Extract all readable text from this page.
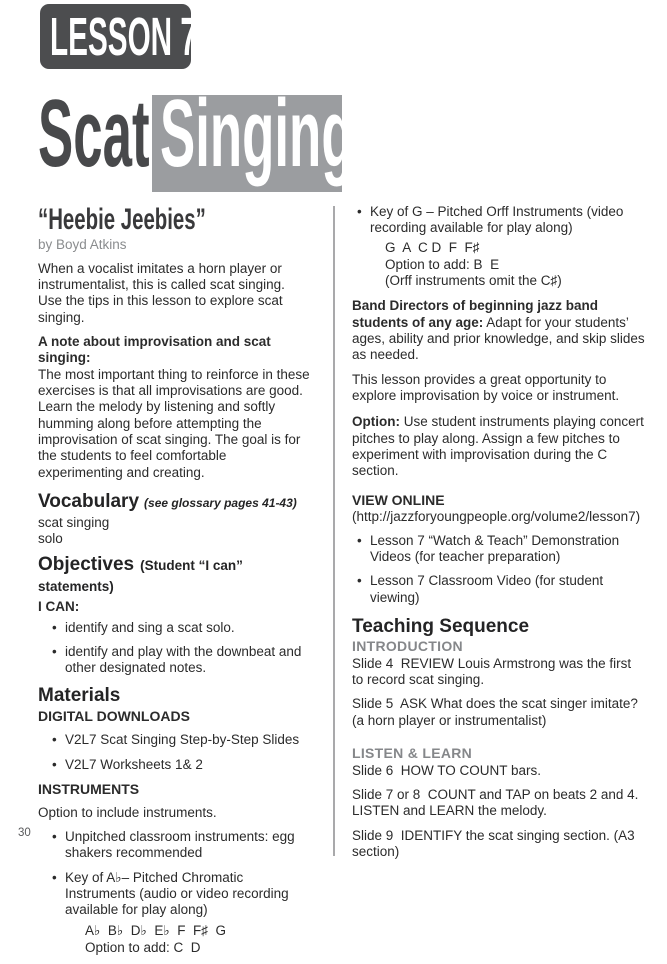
LESSON 7
Scat Singing
“Heebie Jeebies”
by Boyd Atkins

When a vocalist imitates a horn player or instrumentalist, this is called scat singing. Use the tips in this lesson to explore scat singing.

A note about improvisation and scat singing:
The most important thing to reinforce in these exercises is that all improvisations are good. Learn the melody by listening and softly humming along before attempting the improvisation of scat singing. The goal is for the students to feel comfortable experimenting and creating.

Vocabulary (see glossary pages 41-43)
scat singing
solo
Objectives (Student “I can” statements)
I CAN:
• identify and sing a scat solo.
• identify and play with the downbeat and other designated notes.
Materials
DIGITAL DOWNLOADS
• V2L7 Scat Singing Step-by-Step Slides
• V2L7 Worksheets 1& 2
INSTRUMENTS

Option to include instruments.

• Unpitched classroom instruments: egg shakers recommended
• Key of A♭– Pitched Chromatic Instruments (audio or video recording available for play along)
A♭  B♭  D♭  E♭  F  F♯  G
Option to add: C  D
• Key of G – Pitched Orff Instruments (video recording available for play along)
G  A  C D  F  F♯
Option to add: B  E
(Orff instruments omit the C♯)

Band Directors of beginning jazz band students of any age: Adapt for your students’ ages, ability and prior knowledge, and skip slides as needed.

This lesson provides a great opportunity to explore improvisation by voice or instrument.

Option: Use student instruments playing concert pitches to play along. Assign a few pitches to experiment with improvisation during the C section.

VIEW ONLINE

(http://jazzforyoungpeople.org/volume2/lesson7)

• Lesson 7 “Watch & Teach” Demonstration Videos (for teacher preparation)
• Lesson 7 Classroom Video (for student viewing)
Teaching Sequence
INTRODUCTION

Slide 4  REVIEW Louis Armstrong was the first to record scat singing.

Slide 5  ASK What does the scat singer imitate? (a horn player or instrumentalist)

LISTEN & LEARN

Slide 6  HOW TO COUNT bars.

Slide 7 or 8  COUNT and TAP on beats 2 and 4. LISTEN and LEARN the melody.

Slide 9  IDENTIFY the scat singing section. (A3 section)

30
